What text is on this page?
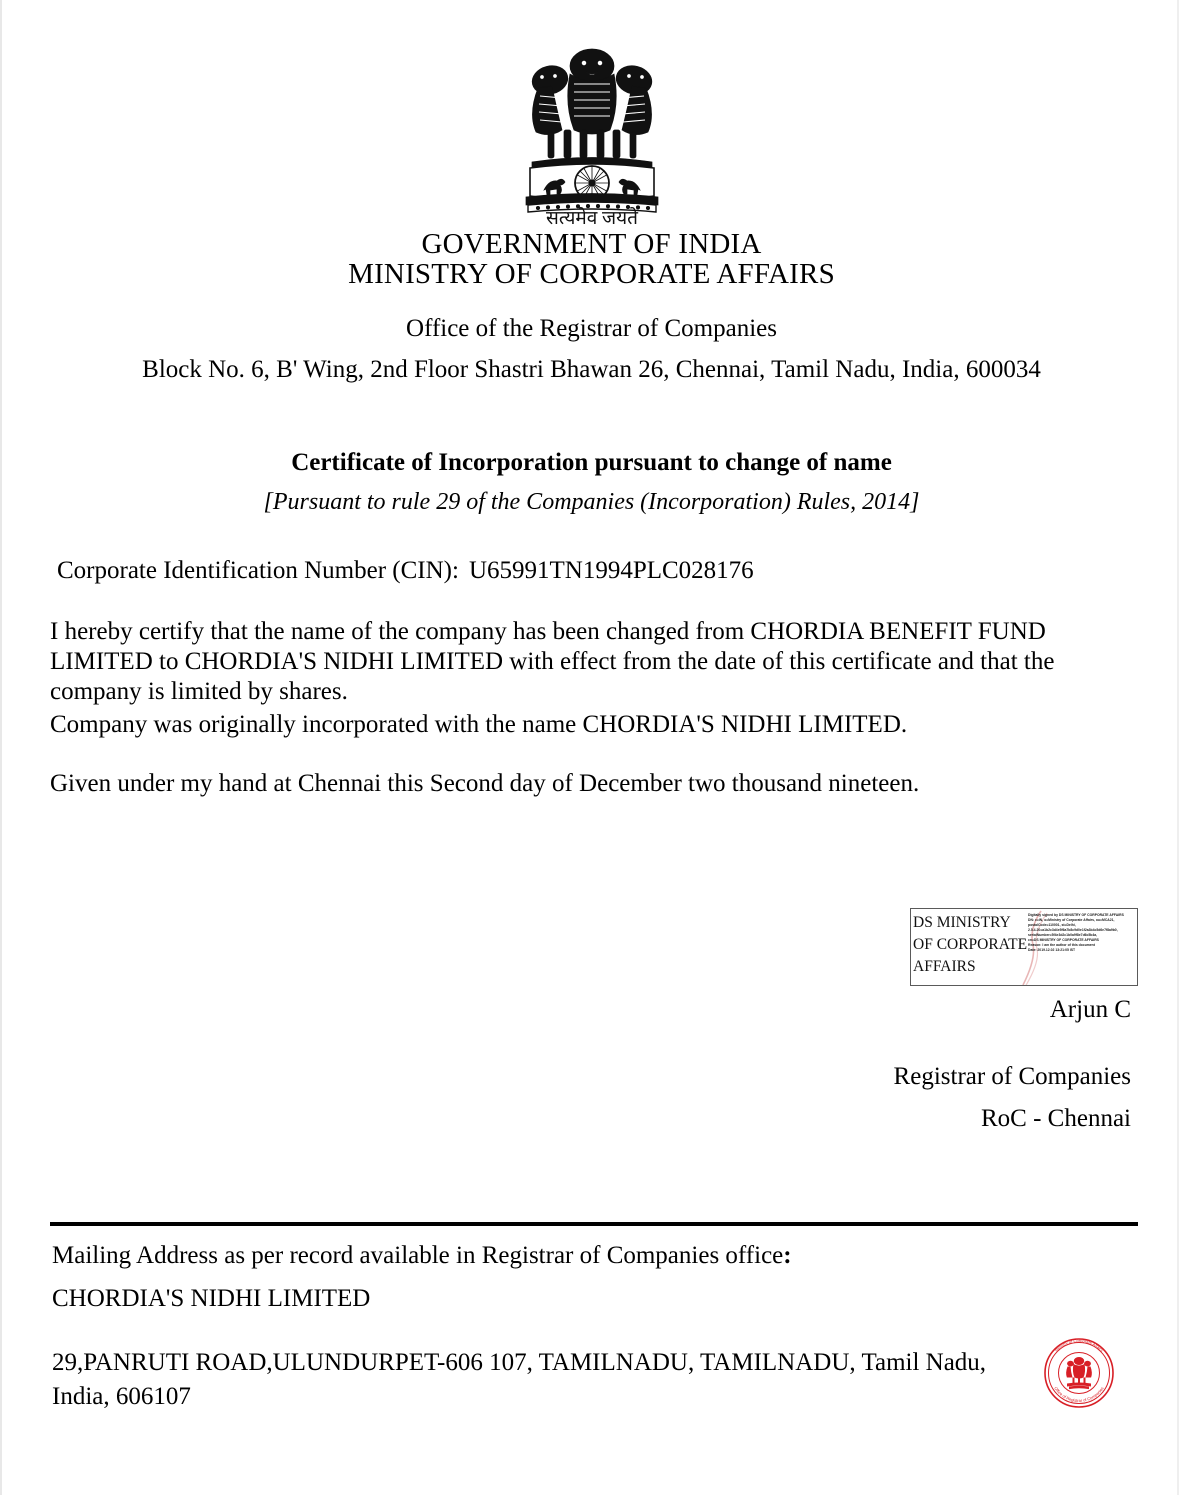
सत्यमेव जयते
GOVERNMENT OF INDIA
MINISTRY OF CORPORATE AFFAIRS
Office of the Registrar of Companies
Block No. 6, B' Wing, 2nd Floor Shastri Bhawan 26, Chennai, Tamil Nadu, India, 600034
Certificate of Incorporation pursuant to change of name
[Pursuant to rule 29 of the Companies (Incorporation) Rules, 2014]
Corporate Identification Number (CIN): U65991TN1994PLC028176
I hereby certify that the name of the company has been changed from CHORDIA BENEFIT FUND LIMITED to CHORDIA'S NIDHI LIMITED with effect from the date of this certificate and that the company is limited by shares.
Company was originally incorporated with the name CHORDIA'S NIDHI LIMITED.
Given under my hand at Chennai this Second day of December two thousand nineteen.
DS MINISTRY
OF CORPORATE
AFFAIRS
Digitally signed by DS MINISTRY OF CORPORATE AFFAIRS
DN: c=IN, o=Ministry of Corporate Affairs, ou=MCA21,
postalCode=110001, st=Delhi,
2.5.4.20=a1b2c3d4e5f6a7b8c9d0e1f2a3b4c5d6e7f8a9b0,
serialNumber=5f4e3d2c1b0a9f8e7d6c5b4a,
cn=DS MINISTRY OF CORPORATE AFFAIRS
Reason: I am the author of this document
Date: 2019.12.02 13:21:05 IST
Arjun C
Registrar of Companies
RoC - Chennai
Mailing Address as per record available in Registrar of Companies office:
CHORDIA'S NIDHI LIMITED
29,PANRUTI ROAD,ULUNDURPET-606 107, TAMILNADU, TAMILNADU, Tamil Nadu, India, 606107
Ministry of Corporate Affairs
Office of Registrar of Companies
